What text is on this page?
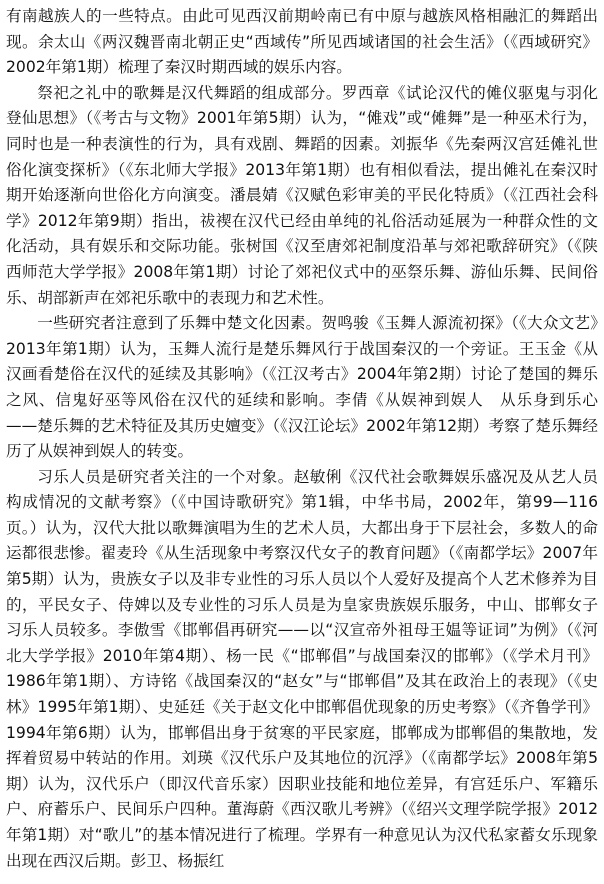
有南越族人的一些特点。由此可见西汉前期岭南已有中原与越族风格相融汇的舞蹈出现。余太山《两汉魏晋南北朝正史“西域传”所见西域诸国的社会生活》（《西域研究》2002年第1期）梳理了秦汉时期西域的娱乐内容。

祭祀之礼中的歌舞是汉代舞蹈的组成部分。罗西章《试论汉代的傩仪驱鬼与羽化登仙思想》（《考古与文物》2001年第5期）认为，“傩戏”或“傩舞”是一种巫术行为，同时也是一种表演性的行为，具有戏剧、舞蹈的因素。刘振华《先秦两汉宫廷傩礼世俗化演变探析》（《东北师大学报》2013年第1期）也有相似看法，提出傩礼在秦汉时期开始逐渐向世俗化方向演变。潘晨婧《汉赋色彩审美的平民化特质》（《江西社会科学》2012年第9期）指出，祓禊在汉代已经由单纯的礼俗活动延展为一种群众性的文化活动，具有娱乐和交际功能。张树国《汉至唐郊祀制度沿革与郊祀歌辞研究》（《陕西师范大学学报》2008年第1期）讨论了郊祀仪式中的巫祭乐舞、游仙乐舞、民间俗乐、胡部新声在郊祀乐歌中的表现力和艺术性。

一些研究者注意到了乐舞中楚文化因素。贺鸣骏《玉舞人源流初探》（《大众文艺》2013年第1期）认为，玉舞人流行是楚乐舞风行于战国秦汉的一个旁证。王玉金《从汉画看楚俗在汉代的延续及其影响》（《江汉考古》2004年第2期）讨论了楚国的舞乐之风、信鬼好巫等风俗在汉代的延续和影响。李倩《从娱神到娱人　从乐身到乐心——楚乐舞的艺术特征及其历史嬗变》（《汉江论坛》2002年第12期）考察了楚乐舞经历了从娱神到娱人的转变。

习乐人员是研究者关注的一个对象。赵敏俐《汉代社会歌舞娱乐盛况及从艺人员构成情况的文献考察》（《中国诗歌研究》第1辑，中华书局，2002年，第99—116页。）认为，汉代大批以歌舞演唱为生的艺术人员，大都出身于下层社会，多数人的命运都很悲惨。翟麦玲《从生活现象中考察汉代女子的教育问题》（《南都学坛》2007年第5期）认为，贵族女子以及非专业性的习乐人员以个人爱好及提高个人艺术修养为目的，平民女子、侍婢以及专业性的习乐人员是为皇家贵族娱乐服务，中山、邯郸女子习乐人员较多。李傲雪《邯郸倡再研究——以“汉宣帝外祖母王媪等证词”为例》（《河北大学学报》2010年第4期）、杨一民《“邯郸倡”与战国秦汉的邯郸》（《学术月刊》1986年第1期）、方诗铭《战国秦汉的“赵女”与“邯郸倡”及其在政治上的表现》（《史林》1995年第1期）、史延廷《关于赵文化中邯郸倡优现象的历史考察》（《齐鲁学刊》1994年第6期）认为，邯郸倡出身于贫寒的平民家庭，邯郸成为邯郸倡的集散地，发挥着贸易中转站的作用。刘瑛《汉代乐户及其地位的沉浮》（《南都学坛》2008年第5期）认为，汉代乐户（即汉代音乐家）因职业技能和地位差异，有宫廷乐户、军籍乐户、府蓄乐户、民间乐户四种。董海蔚《西汉歌儿考辨》（《绍兴文理学院学报》2012年第1期）对“歌儿”的基本情况进行了梳理。学界有一种意见认为汉代私家蓄女乐现象出现在西汉后期。彭卫、杨振红
